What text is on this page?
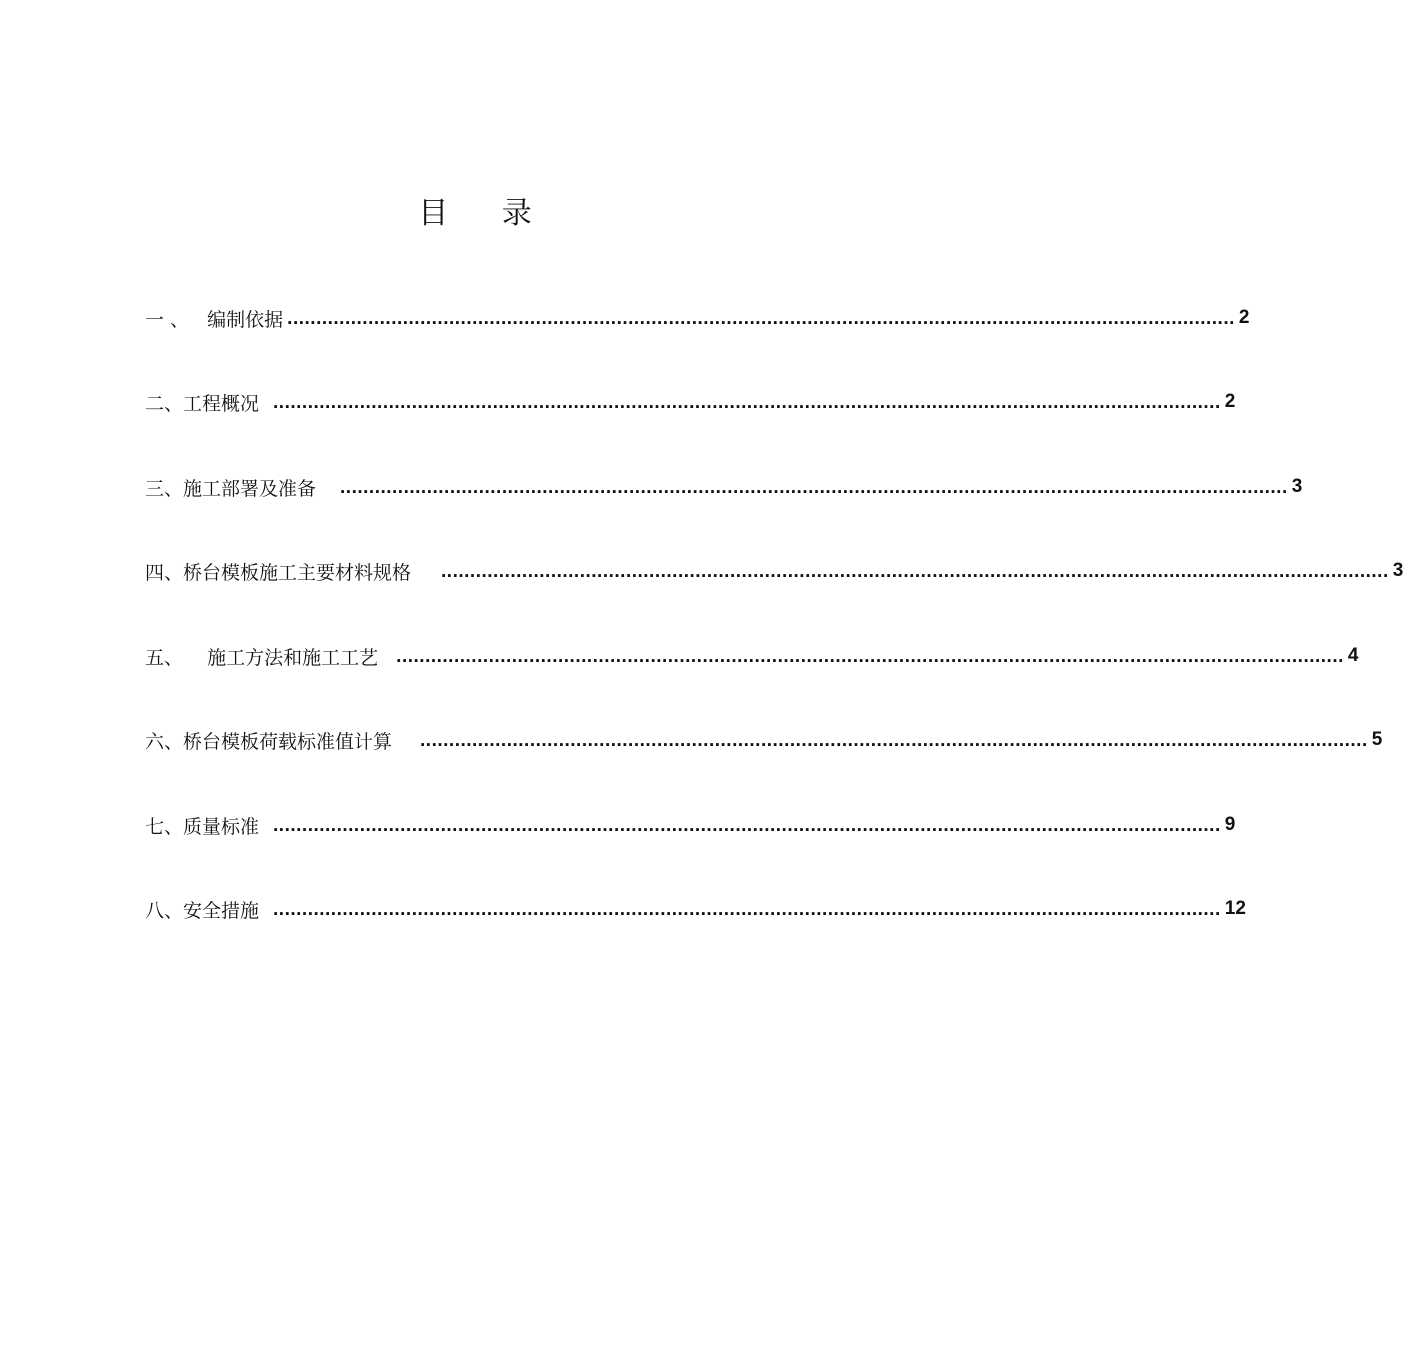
目 录
一 、   编制依据 .................................................................................................................................................................... 2
二、工程概况 .................................................................................................................................................................... 2
三、施工部署及准备 .................................................................................................................................................................... 3
四、桥台模板施工主要材料规格 .................................................................................................................................................................... 3
五、    施工方法和施工工艺 .................................................................................................................................................................... 4
六、桥台模板荷载标准值计算 .................................................................................................................................................................... 5
七、质量标准 .................................................................................................................................................................... 9
八、安全措施 .................................................................................................................................................................... 12
